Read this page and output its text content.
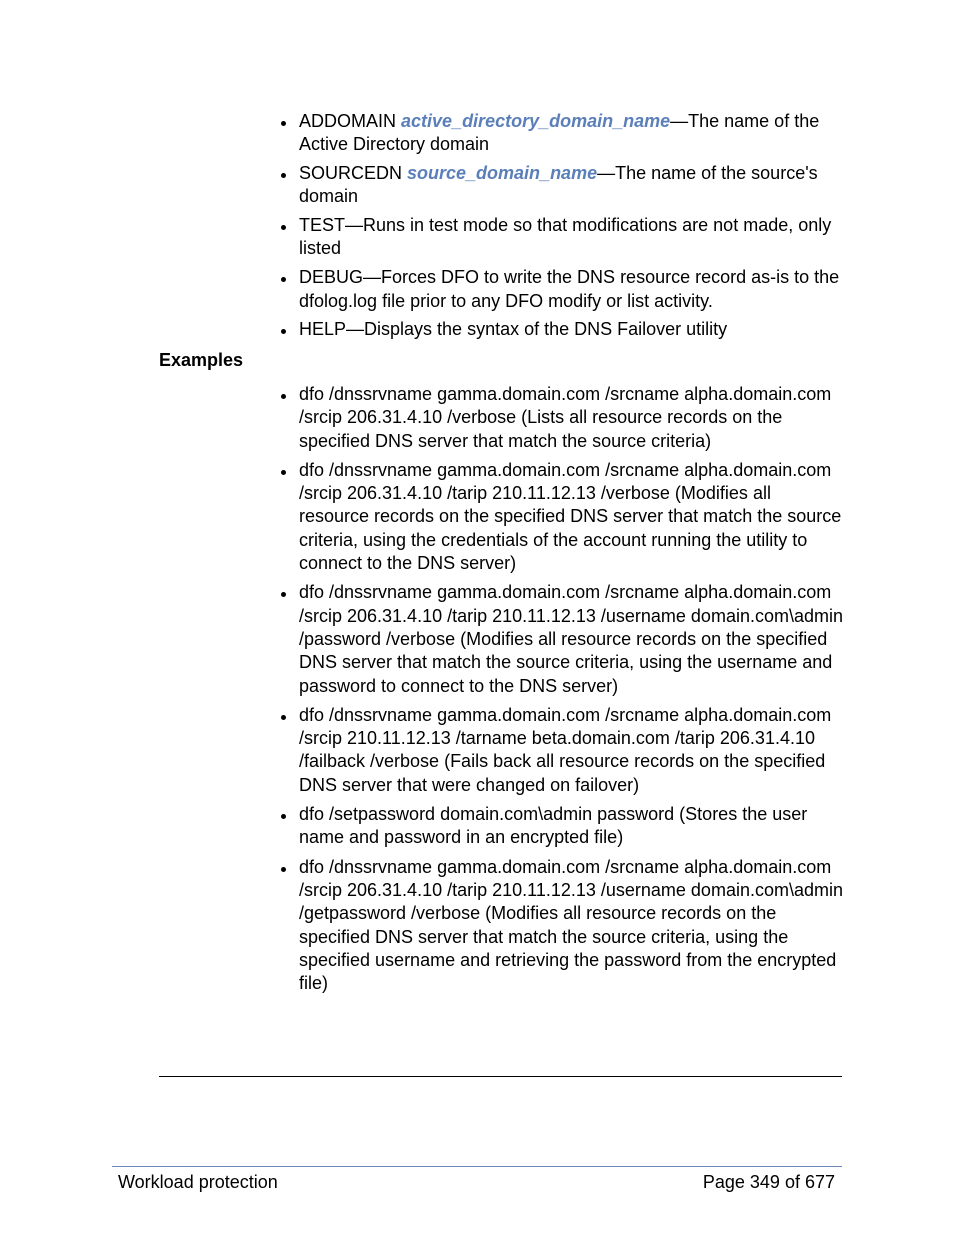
ADDOMAIN active_directory_domain_name—The name of the Active Directory domain
SOURCEDN source_domain_name—The name of the source's domain
TEST—Runs in test mode so that modifications are not made, only listed
DEBUG—Forces DFO to write the DNS resource record as-is to the dfolog.log file prior to any DFO modify or list activity.
HELP—Displays the syntax of the DNS Failover utility
Examples
dfo /dnssrvname gamma.domain.com /srcname alpha.domain.com /srcip 206.31.4.10 /verbose (Lists all resource records on the specified DNS server that match the source criteria)
dfo /dnssrvname gamma.domain.com /srcname alpha.domain.com /srcip 206.31.4.10 /tarip 210.11.12.13 /verbose (Modifies all resource records on the specified DNS server that match the source criteria, using the credentials of the account running the utility to connect to the DNS server)
dfo /dnssrvname gamma.domain.com /srcname alpha.domain.com /srcip 206.31.4.10 /tarip 210.11.12.13 /username domain.com\admin /password /verbose (Modifies all resource records on the specified DNS server that match the source criteria, using the username and password to connect to the DNS server)
dfo /dnssrvname gamma.domain.com /srcname alpha.domain.com /srcip 210.11.12.13 /tarname beta.domain.com /tarip 206.31.4.10 /failback /verbose (Fails back all resource records on the specified DNS server that were changed on failover)
dfo /setpassword domain.com\admin password (Stores the user name and password in an encrypted file)
dfo /dnssrvname gamma.domain.com /srcname alpha.domain.com /srcip 206.31.4.10 /tarip 210.11.12.13 /username domain.com\admin /getpassword /verbose (Modifies all resource records on the specified DNS server that match the source criteria, using the specified username and retrieving the password from the encrypted file)
Workload protection	Page 349 of 677
